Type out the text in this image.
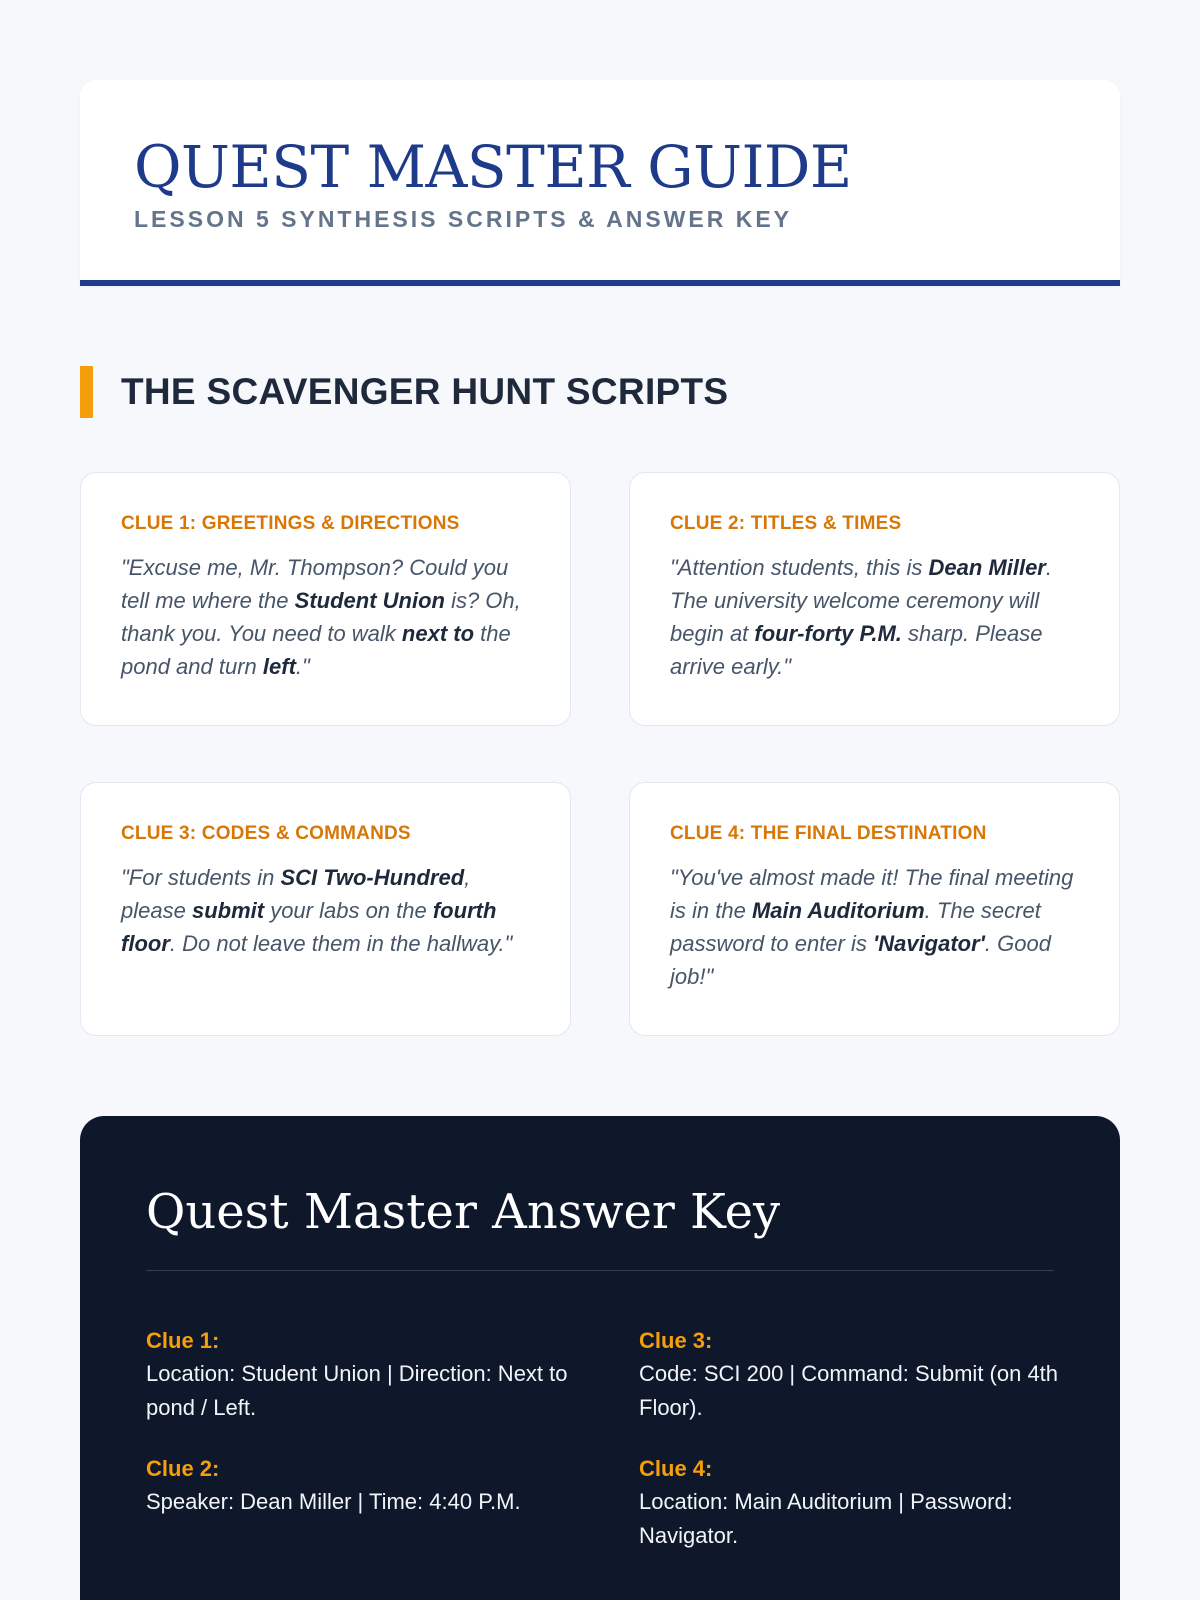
QUEST MASTER GUIDE
LESSON 5 SYNTHESIS SCRIPTS & ANSWER KEY
THE SCAVENGER HUNT SCRIPTS
CLUE 1: GREETINGS & DIRECTIONS

"Excuse me, Mr. Thompson? Could you tell me where the Student Union is? Oh, thank you. You need to walk next to the pond and turn left."

CLUE 2: TITLES & TIMES

"Attention students, this is Dean Miller. The university welcome ceremony will begin at four-forty P.M. sharp. Please arrive early."

CLUE 3: CODES & COMMANDS

"For students in SCI Two-Hundred, please submit your labs on the fourth floor. Do not leave them in the hallway."

CLUE 4: THE FINAL DESTINATION

"You've almost made it! The final meeting is in the Main Auditorium. The secret password to enter is 'Navigator'. Good job!"

Quest Master Answer Key
Clue 1:
Location: Student Union | Direction: Next to pond / Left.
Clue 3:
Code: SCI 200 | Command: Submit (on 4th Floor).
Clue 2:
Speaker: Dean Miller | Time: 4:40 P.M.
Clue 4:
Location: Main Auditorium | Password: Navigator.
